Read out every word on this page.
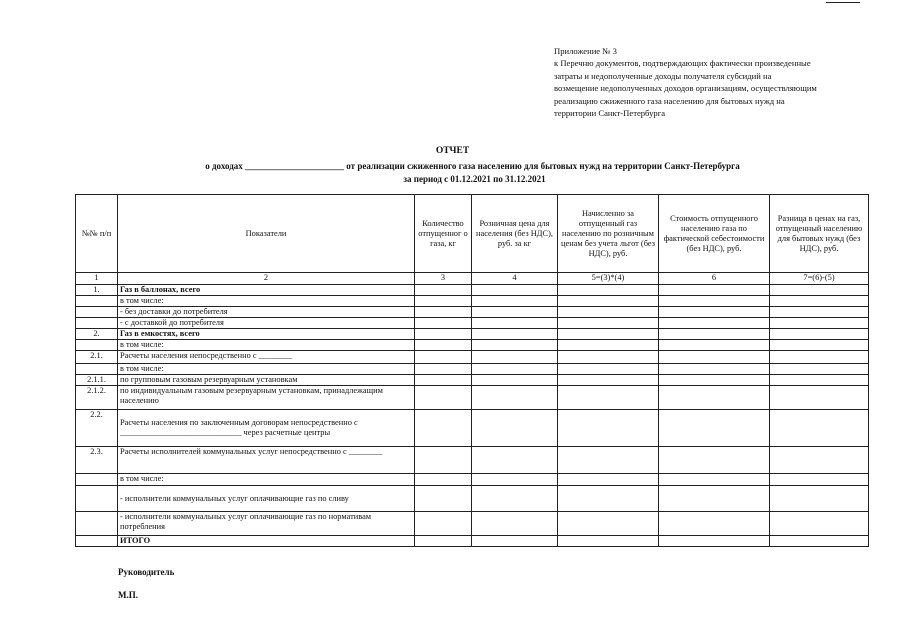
Приложение № 3
к Перечню документов, подтверждающих фактически произведенные
затраты и недополученные доходы получателя субсидий на
возмещение недополученных доходов организациям, осуществляющим
реализацию сжиженного газа населению для бытовых нужд на
территории Санкт-Петербурга
ОТЧЕТ
о доходах ______________________ от реализации сжиженного газа населению для бытовых нужд на территории Санкт-Петербурга
за период с 01.12.2021 по 31.12.2021
№№ п/п	Показатели	Количество отпущенног о газа, кг	Розничная цена для населения (без НДС), руб. за кг	Начисленно за отпущенный газ населению по розничным ценам без учета льгот (без НДС), руб.	Стоимость отпущенного населению газа по фактической себестоимости (без НДС), руб.	Разница в ценах на газ, отпущенный населению для бытовых нужд (без НДС), руб.
1	2	3	4	5=(3)*(4)	6	7=(6)-(5)
1.	Газ в баллонах, всего					
	в том числе:					
	- без доставки до потребителя					
	- с доставкой до потребителя					
2.	Газ в емкостях, всего					
	в том числе:					
2.1.	Расчеты населения непосредственно с ________					
	в том числе:					
2.1.1.	по групповым газовым резервуарным установкам					
2.1.2.	по индивидуальным газовым резервуарным установкам, принадлежащим населению					
2.2.	Расчеты населения по заключенным договорам непосредственно с _____________________________ через расчетные центры					
2.3.	Расчеты исполнителей коммунальных услуг непосредственно с ________					
	в том числе:					
	- исполнители коммунальных услуг оплачивающие газ по сливу					
	- исполнители коммунальных услуг оплачивающие газ по нормативам потребления					
	ИТОГО					
Руководитель
М.П.
